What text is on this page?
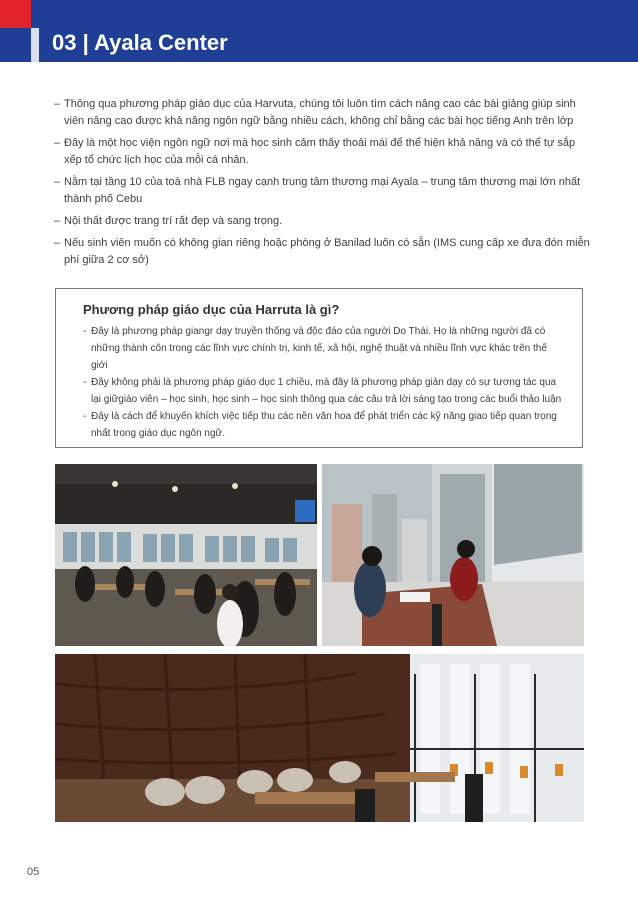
03 | Ayala Center
– Thông qua phương pháp giáo dục của Harvuta, chúng tôi luôn tìm cách nâng cao các bài giảng giúp sinh viên nâng cao được khả năng ngôn ngữ bằng nhiều cách, không chỉ bằng các bài học tiếng Anh trên lớp
– Đây là một học viện ngôn ngữ nơi mà học sinh cảm thấy thoải mái để thể hiện khả năng và có thể tự sắp xếp tổ chức lịch học của mỗi cá nhân.
– Nằm tại tầng 10 của toà nhà FLB ngay cạnh trung tâm thương mại Ayala – trung tâm thương mại lớn nhất thành phố Cebu
– Nội thất được trang trí rất đẹp và sang trọng.
– Nếu sinh viên muốn có không gian riêng hoặc phòng ở Banilad luôn có sẵn (IMS cung cấp xe đưa đón miễn phí giữa 2 cơ sở)
Phương pháp giáo dục của Harruta là gì?
- Đây là phương pháp giangr dạy truyền thống và độc đáo của người Do Thái. Họ là những người đã có những thành côn trong các lĩnh vực chính trị, kinh tế, xã hội, nghệ thuật và nhiều lĩnh vực khác trên thế giới
- Đây không phải là phương pháp giáo dục 1 chiều, mà đây là phương pháp giản dạy có sự tương tác qua lại giữgiáo viên – học sinh, học sinh – học sinh thông qua các câu trả lời sáng tạo trong các buổi thảo luận
- Đây là cách để khuyến khích việc tiếp thu các nền văn hoa để phát triển các kỹ năng giao tiếp quan trọng nhất trong giáo dục ngôn ngữ.
05
